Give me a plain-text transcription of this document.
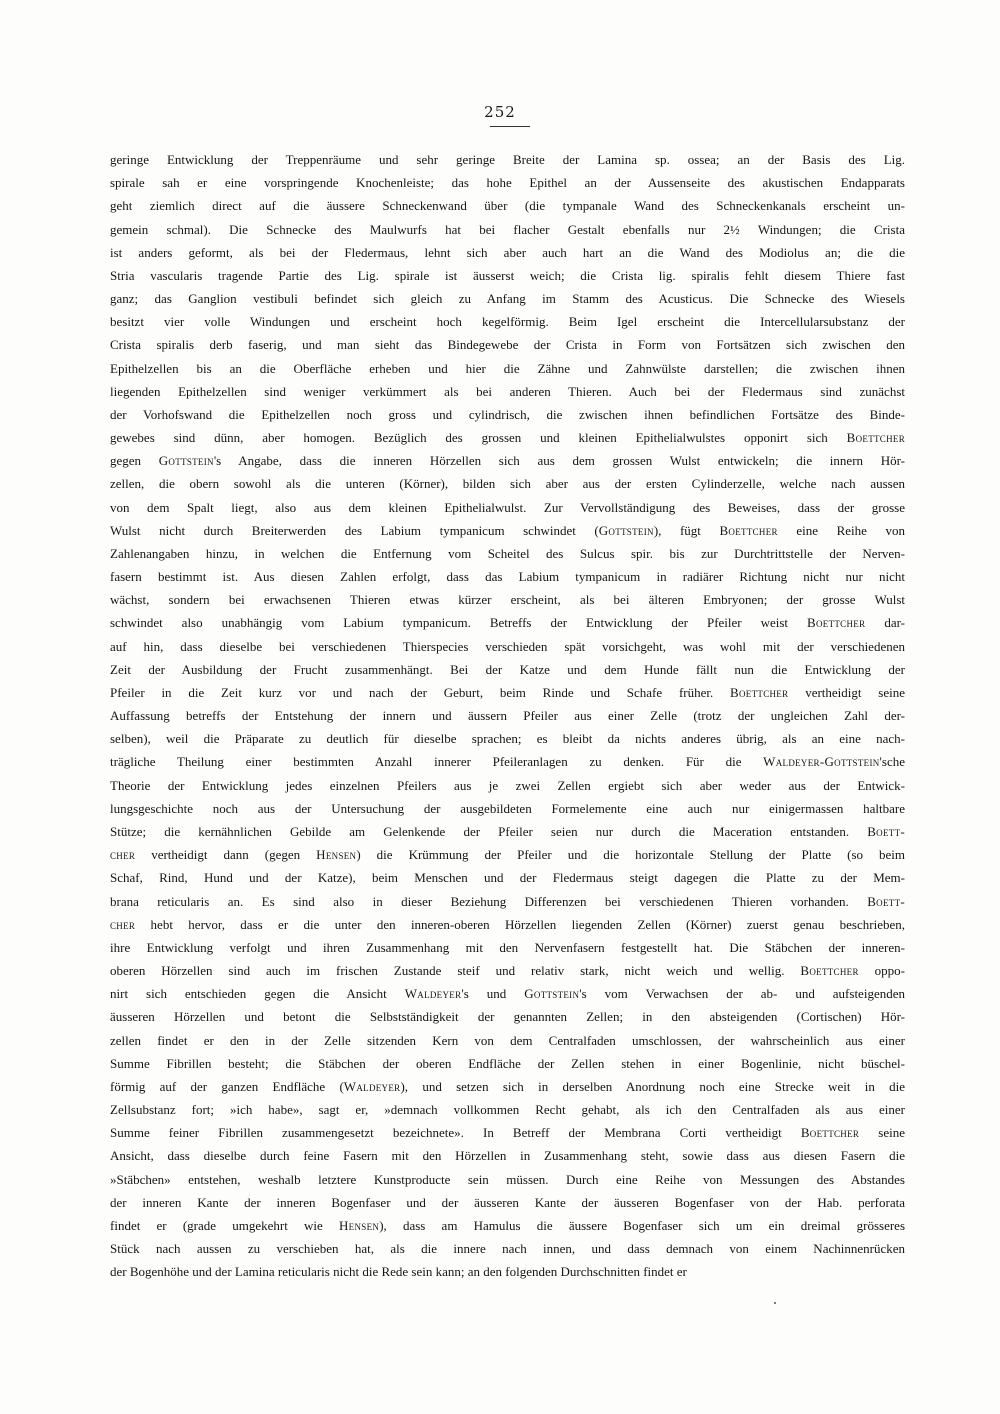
252
geringe Entwicklung der Treppenräume und sehr geringe Breite der Lamina sp. ossea; an der Basis des Lig.
spirale sah er eine vorspringende Knochenleiste; das hohe Epithel an der Aussenseite des akustischen Endapparats
geht ziemlich direct auf die äussere Schneckenwand über (die tympanale Wand des Schneckenkanals erscheint un-
gemein schmal). Die Schnecke des Maulwurfs hat bei flacher Gestalt ebenfalls nur 2½ Windungen; die Crista
ist anders geformt, als bei der Fledermaus, lehnt sich aber auch hart an die Wand des Modiolus an; die die
Stria vascularis tragende Partie des Lig. spirale ist äusserst weich; die Crista lig. spiralis fehlt diesem Thiere fast
ganz; das Ganglion vestibuli befindet sich gleich zu Anfang im Stamm des Acusticus. Die Schnecke des Wiesels
besitzt vier volle Windungen und erscheint hoch kegelförmig. Beim Igel erscheint die Intercellularsubstanz der
Crista spiralis derb faserig, und man sieht das Bindegewebe der Crista in Form von Fortsätzen sich zwischen den
Epithelzellen bis an die Oberfläche erheben und hier die Zähne und Zahnwülste darstellen; die zwischen ihnen
liegenden Epithelzellen sind weniger verkümmert als bei anderen Thieren. Auch bei der Fledermaus sind zunächst
der Vorhofswand die Epithelzellen noch gross und cylindrisch, die zwischen ihnen befindlichen Fortsätze des Binde-
gewebes sind dünn, aber homogen. Bezüglich des grossen und kleinen Epithelialwulstes opponirt sich Boettcher
gegen Gottstein's Angabe, dass die inneren Hörzellen sich aus dem grossen Wulst entwickeln; die innern Hör-
zellen, die obern sowohl als die unteren (Körner), bilden sich aber aus der ersten Cylinderzelle, welche nach aussen
von dem Spalt liegt, also aus dem kleinen Epithelialwulst. Zur Vervollständigung des Beweises, dass der grosse
Wulst nicht durch Breiterwerden des Labium tympanicum schwindet (Gottstein), fügt Boettcher eine Reihe von
Zahlenangaben hinzu, in welchen die Entfernung vom Scheitel des Sulcus spir. bis zur Durchtrittstelle der Nerven-
fasern bestimmt ist. Aus diesen Zahlen erfolgt, dass das Labium tympanicum in radiärer Richtung nicht nur nicht
wächst, sondern bei erwachsenen Thieren etwas kürzer erscheint, als bei älteren Embryonen; der grosse Wulst
schwindet also unabhängig vom Labium tympanicum. Betreffs der Entwicklung der Pfeiler weist Boettcher dar-
auf hin, dass dieselbe bei verschiedenen Thierspecies verschieden spät vorsichgeht, was wohl mit der verschiedenen
Zeit der Ausbildung der Frucht zusammenhängt. Bei der Katze und dem Hunde fällt nun die Entwicklung der
Pfeiler in die Zeit kurz vor und nach der Geburt, beim Rinde und Schafe früher. Boettcher vertheidigt seine
Auffassung betreffs der Entstehung der innern und äussern Pfeiler aus einer Zelle (trotz der ungleichen Zahl der-
selben), weil die Präparate zu deutlich für dieselbe sprachen; es bleibt da nichts anderes übrig, als an eine nach-
trägliche Theilung einer bestimmten Anzahl innerer Pfeileranlagen zu denken. Für die Waldeyer-Gottstein'sche
Theorie der Entwicklung jedes einzelnen Pfeilers aus je zwei Zellen ergiebt sich aber weder aus der Entwick-
lungsgeschichte noch aus der Untersuchung der ausgebildeten Formelemente eine auch nur einigermassen haltbare
Stütze; die kernähnlichen Gebilde am Gelenkende der Pfeiler seien nur durch die Maceration entstanden. Boett-
cher vertheidigt dann (gegen Hensen) die Krümmung der Pfeiler und die horizontale Stellung der Platte (so beim
Schaf, Rind, Hund und der Katze), beim Menschen und der Fledermaus steigt dagegen die Platte zu der Mem-
brana reticularis an. Es sind also in dieser Beziehung Differenzen bei verschiedenen Thieren vorhanden. Boett-
cher hebt hervor, dass er die unter den inneren-oberen Hörzellen liegenden Zellen (Körner) zuerst genau beschrieben,
ihre Entwicklung verfolgt und ihren Zusammenhang mit den Nervenfasern festgestellt hat. Die Stäbchen der inneren-
oberen Hörzellen sind auch im frischen Zustande steif und relativ stark, nicht weich und wellig. Boettcher oppo-
nirt sich entschieden gegen die Ansicht Waldeyer's und Gottstein's vom Verwachsen der ab- und aufsteigenden
äusseren Hörzellen und betont die Selbstständigkeit der genannten Zellen; in den absteigenden (Cortischen) Hör-
zellen findet er den in der Zelle sitzenden Kern von dem Centralfaden umschlossen, der wahrscheinlich aus einer
Summe Fibrillen besteht; die Stäbchen der oberen Endfläche der Zellen stehen in einer Bogenlinie, nicht büschel-
förmig auf der ganzen Endfläche (Waldeyer), und setzen sich in derselben Anordnung noch eine Strecke weit in die
Zellsubstanz fort; »ich habe», sagt er, »demnach vollkommen Recht gehabt, als ich den Centralfaden als aus einer
Summe feiner Fibrillen zusammengesetzt bezeichnete». In Betreff der Membrana Corti vertheidigt Boettcher seine
Ansicht, dass dieselbe durch feine Fasern mit den Hörzellen in Zusammenhang steht, sowie dass aus diesen Fasern die
»Stäbchen» entstehen, weshalb letztere Kunstproducte sein müssen. Durch eine Reihe von Messungen des Abstandes
der inneren Kante der inneren Bogenfaser und der äusseren Kante der äusseren Bogenfaser von der Hab. perforata
findet er (grade umgekehrt wie Hensen), dass am Hamulus die äussere Bogenfaser sich um ein dreimal grösseres
Stück nach aussen zu verschieben hat, als die innere nach innen, und dass demnach von einem Nachinnenrücken
der Bogenhöhe und der Lamina reticularis nicht die Rede sein kann; an den folgenden Durchschnitten findet er
